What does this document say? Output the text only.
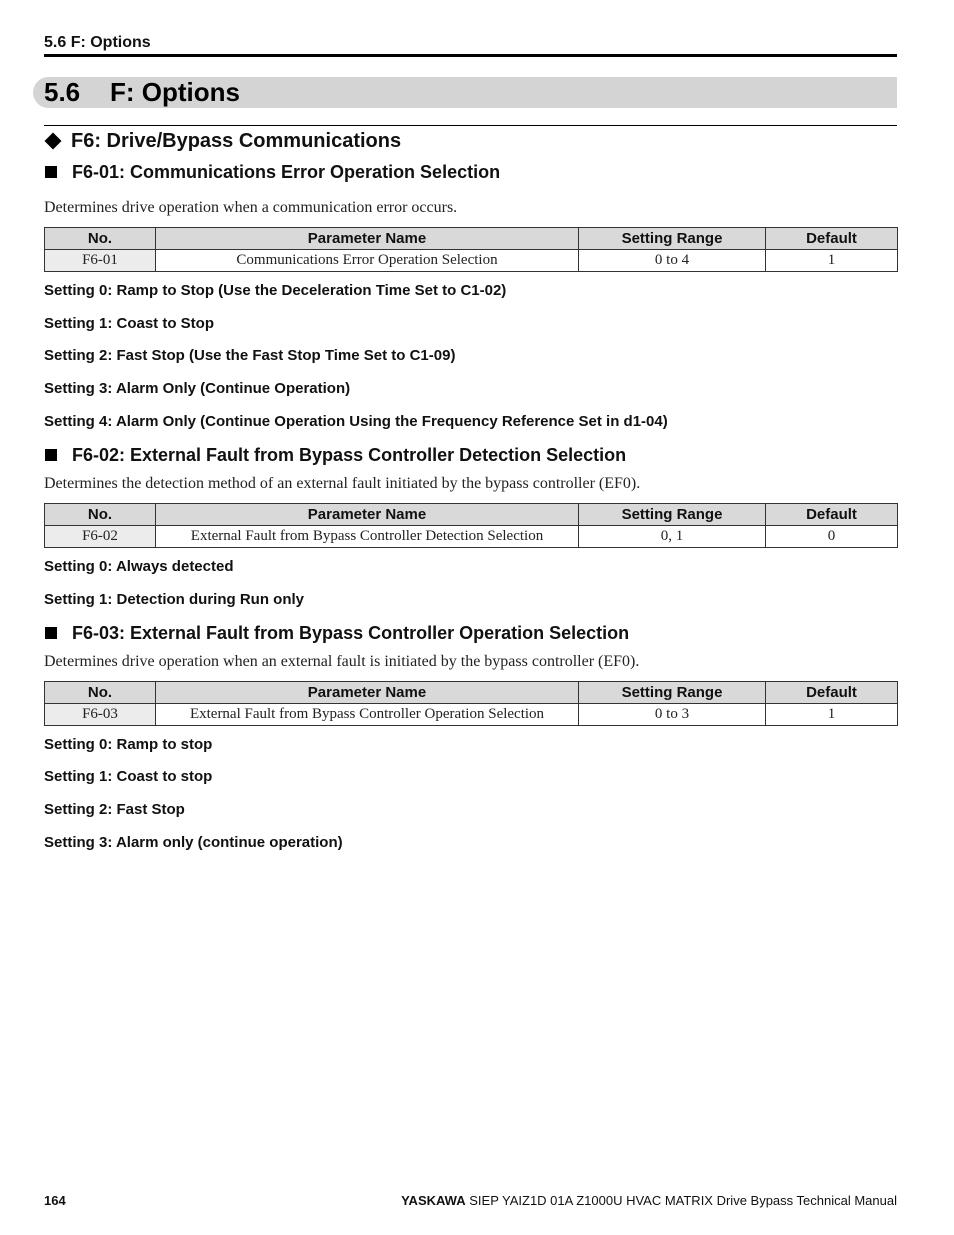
5.6 F: Options
5.6 F: Options
F6: Drive/Bypass Communications
F6-01: Communications Error Operation Selection
Determines drive operation when a communication error occurs.
No.	Parameter Name	Setting Range	Default
F6-01	Communications Error Operation Selection	0 to 4	1
Setting 0: Ramp to Stop (Use the Deceleration Time Set to C1-02)
Setting 1: Coast to Stop
Setting 2: Fast Stop (Use the Fast Stop Time Set to C1-09)
Setting 3: Alarm Only (Continue Operation)
Setting 4: Alarm Only (Continue Operation Using the Frequency Reference Set in d1-04)
F6-02: External Fault from Bypass Controller Detection Selection
Determines the detection method of an external fault initiated by the bypass controller (EF0).
No.	Parameter Name	Setting Range	Default
F6-02	External Fault from Bypass Controller Detection Selection	0, 1	0
Setting 0: Always detected
Setting 1: Detection during Run only
F6-03: External Fault from Bypass Controller Operation Selection
Determines drive operation when an external fault is initiated by the bypass controller (EF0).
No.	Parameter Name	Setting Range	Default
F6-03	External Fault from Bypass Controller Operation Selection	0 to 3	1
Setting 0: Ramp to stop
Setting 1: Coast to stop
Setting 2: Fast Stop
Setting 3: Alarm only (continue operation)
164	YASKAWA SIEP YAIZ1D 01A Z1000U HVAC MATRIX Drive Bypass Technical Manual
